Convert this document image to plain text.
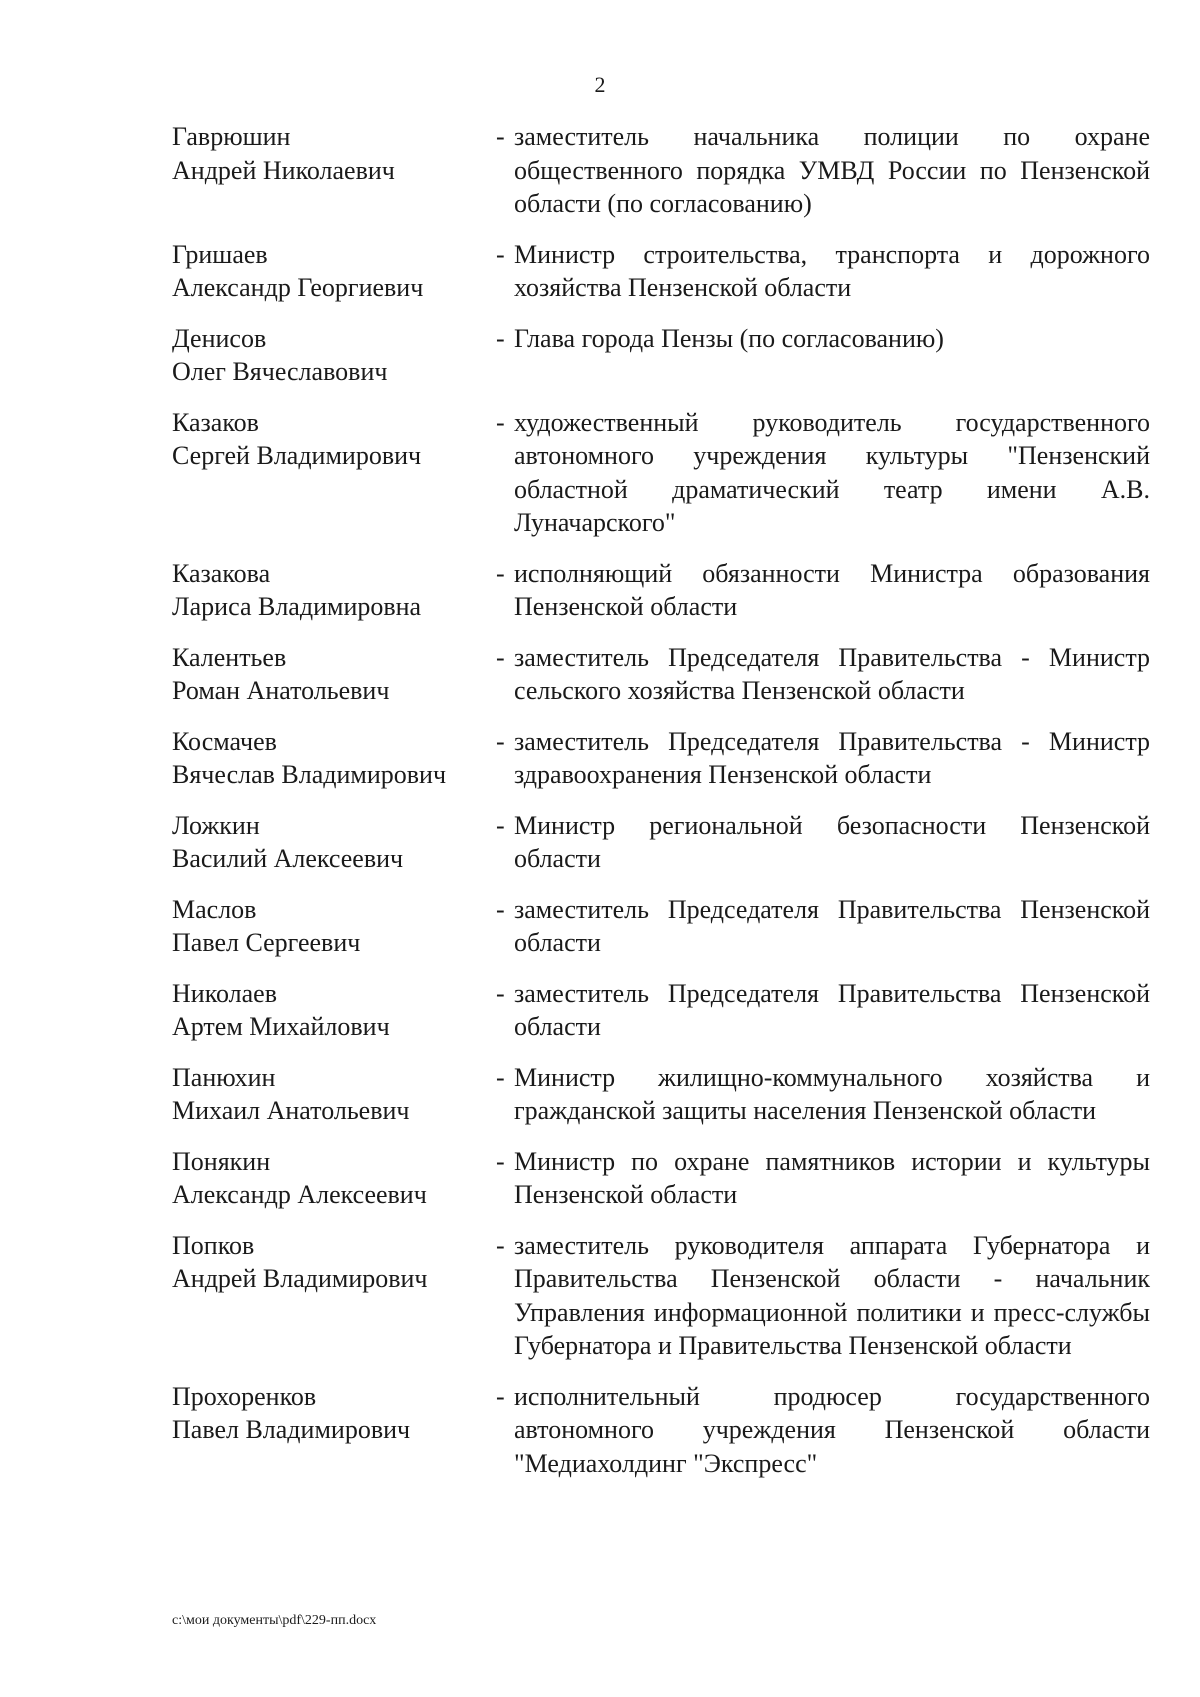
2
Гаврюшин
Андрей Николаевич
- заместитель начальника полиции по охране общественного порядка УМВД России по Пензенской области (по согласованию)
Гришаев
Александр Георгиевич
- Министр строительства, транспорта и дорожного хозяйства Пензенской области
Денисов
Олег Вячеславович
- Глава города Пензы (по согласованию)
Казаков
Сергей Владимирович
- художественный руководитель государственного автономного учреждения культуры "Пензенский областной драматический театр имени А.В. Луначарского"
Казакова
Лариса Владимировна
- исполняющий обязанности Министра образования Пензенской области
Калентьев
Роман Анатольевич
- заместитель Председателя Правительства - Министр сельского хозяйства Пензенской области
Космачев
Вячеслав Владимирович
- заместитель Председателя Правительства - Министр здравоохранения Пензенской области
Ложкин
Василий Алексеевич
- Министр региональной безопасности Пензенской области
Маслов
Павел Сергеевич
- заместитель Председателя Правительства Пензенской области
Николаев
Артем Михайлович
- заместитель Председателя Правительства Пензенской области
Панюхин
Михаил Анатольевич
- Министр жилищно-коммунального хозяйства и гражданской защиты населения Пензенской области
Понякин
Александр Алексеевич
- Министр по охране памятников истории и культуры Пензенской области
Попков
Андрей Владимирович
- заместитель руководителя аппарата Губернатора и Правительства Пензенской области - начальник Управления информационной политики и пресс-службы Губернатора и Правительства Пензенской области
Прохоренков
Павел Владимирович
- исполнительный продюсер государственного автономного учреждения Пензенской области "Медиахолдинг "Экспресс"
c:\мои документы\pdf\229-пп.docx
